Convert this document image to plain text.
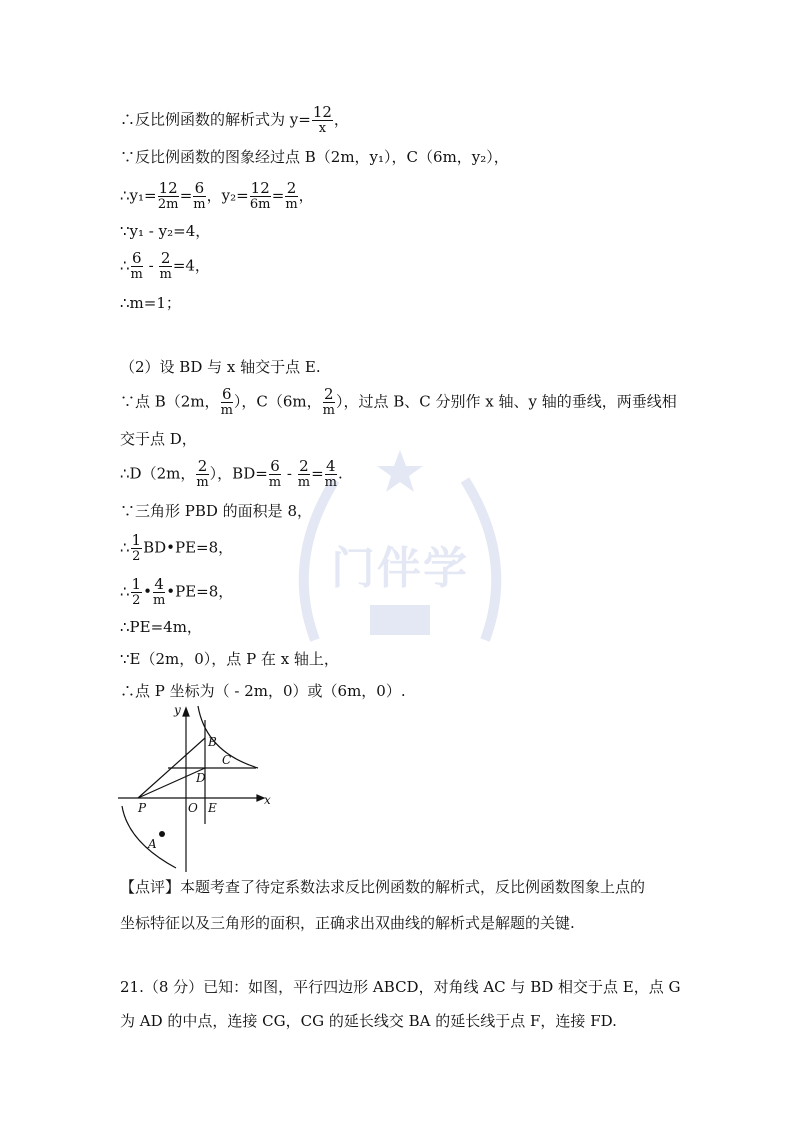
门伴学
∴反比例函数的解析式为 $y= \frac{12}{x}$ ，
∵反比例函数的图象经过点 B（2m，y₁），C（6m，y₂），
∴y₁= $\frac{12}{2m} = \frac{6}{m}$ ，$y_2= \frac{12}{6m} = \frac{2}{m}$ ，
∵y₁ - y₂=4，
∴ $\frac{6}{m} - \frac{2}{m} =4$，
∴m=1；
（2）设 BD 与 x 轴交于点 E.
∵点 B（2m， $\frac{6}{m}$ ），C（6m， $\frac{2}{m}$ ），过点 B、C 分别作 x 轴、y 轴的垂线，两垂线相
交于点 D，
∴D（2m， $\frac{2}{m}$ ），$BD= \frac{6}{m} - \frac{2}{m} = \frac{4}{m}$ .
∵三角形 PBD 的面积是 8，
∴ $\frac{1}{2}$ BD•PE=8，
∴ $\frac{1}{2}$ • $\frac{4}{m}$ •PE=8，
∴PE=4m，
∵E（2m，0），点 P 在 x 轴上，
∴点 P 坐标为（ - 2m，0）或（6m，0）.
y
x
B
C
D
P	O E
A
【点评】本题考查了待定系数法求反比例函数的解析式，反比例函数图象上点的
坐标特征以及三角形的面积，正确求出双曲线的解析式是解题的关键.
21.（8 分）已知：如图，平行四边形 ABCD，对角线 AC 与 BD 相交于点 E，点 G
为 AD 的中点，连接 CG，CG 的延长线交 BA 的延长线于点 F，连接 FD.
